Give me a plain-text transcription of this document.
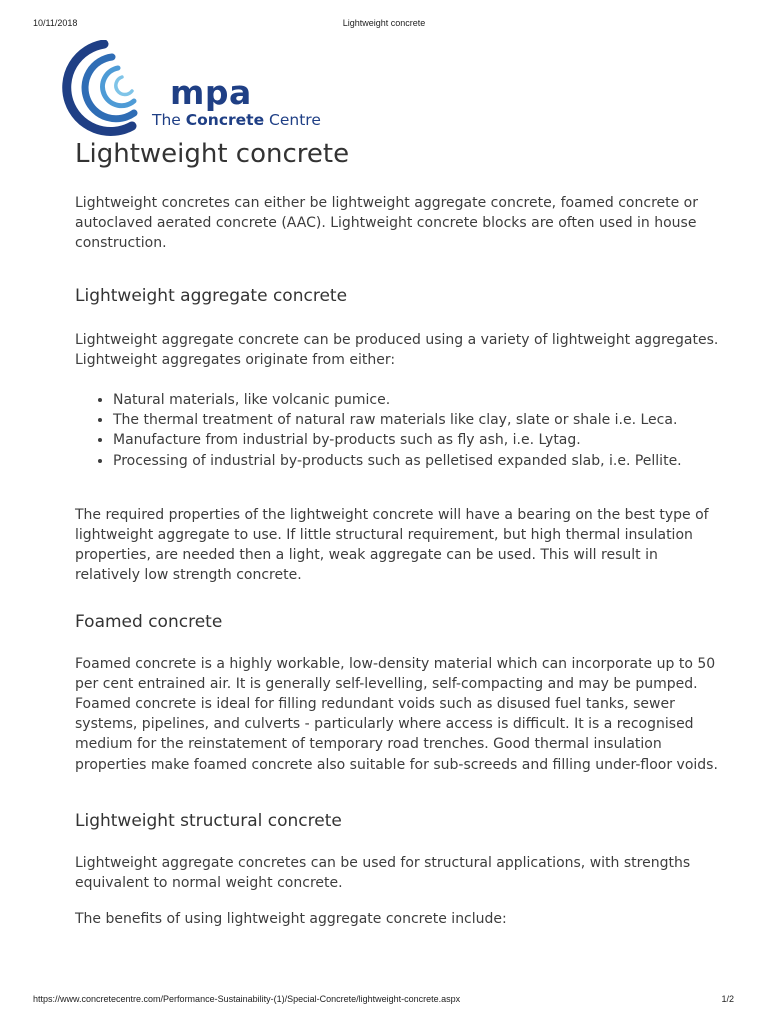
10/11/2018	Lightweight concrete
mpa
The Concrete Centre
Lightweight concrete

Lightweight concretes can either be lightweight aggregate concrete, foamed concrete or autoclaved aerated concrete (AAC). Lightweight concrete blocks are often used in house construction.

Lightweight aggregate concrete

Lightweight aggregate concrete can be produced using a variety of lightweight aggregates. Lightweight aggregates originate from either:

• Natural materials, like volcanic pumice.
• The thermal treatment of natural raw materials like clay, slate or shale i.e. Leca.
• Manufacture from industrial by-products such as fly ash, i.e. Lytag.
• Processing of industrial by-products such as pelletised expanded slab, i.e. Pellite.

The required properties of the lightweight concrete will have a bearing on the best type of lightweight aggregate to use. If little structural requirement, but high thermal insulation properties, are needed then a light, weak aggregate can be used. This will result in relatively low strength concrete.

Foamed concrete

Foamed concrete is a highly workable, low-density material which can incorporate up to 50 per cent entrained air. It is generally self-levelling, self-compacting and may be pumped. Foamed concrete is ideal for filling redundant voids such as disused fuel tanks, sewer systems, pipelines, and culverts - particularly where access is difficult. It is a recognised medium for the reinstatement of temporary road trenches. Good thermal insulation properties make foamed concrete also suitable for sub-screeds and filling under-floor voids.

Lightweight structural concrete

Lightweight aggregate concretes can be used for structural applications, with strengths equivalent to normal weight concrete.

The benefits of using lightweight aggregate concrete include:

https://www.concretecentre.com/Performance-Sustainability-(1)/Special-Concrete/lightweight-concrete.aspx	1/2
